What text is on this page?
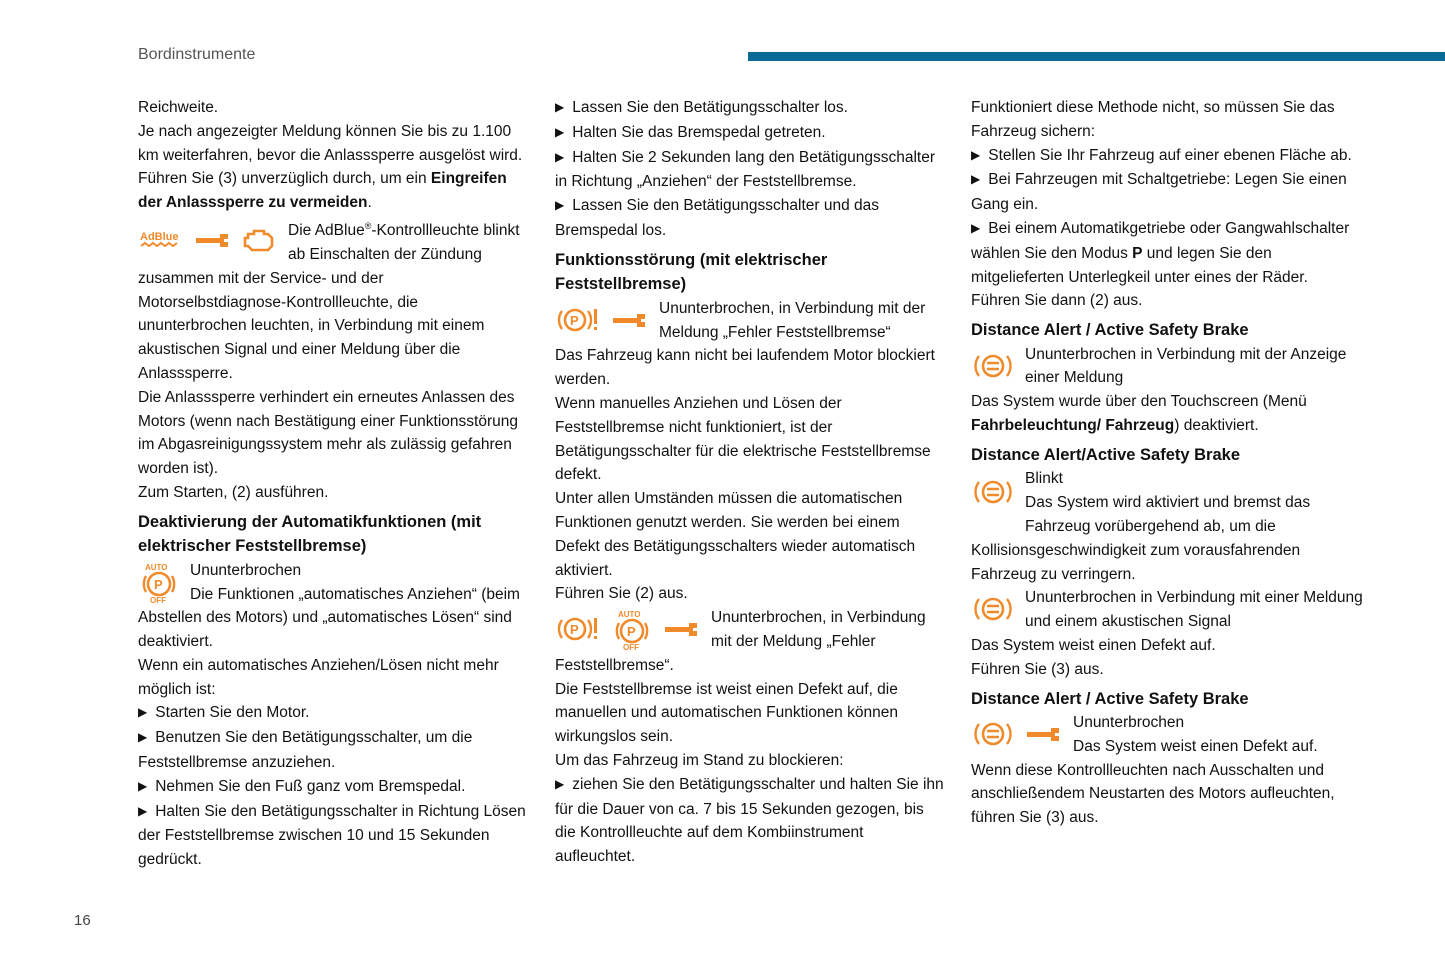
Bordinstrumente

Reichweite.

Je nach angezeigter Meldung können Sie bis zu 1.100 km weiterfahren, bevor die Anlasssperre ausgelöst wird.

Führen Sie (3) unverzüglich durch, um ein Eingreifen der Anlasssperre zu vermeiden.

AdBlue	Die AdBlue®-Kontrollleuchte blinkt ab Einschalten der Zündung zusammen mit der Service- und der Motorselbstdiagnose-Kontrollleuchte, die ununterbrochen leuchten, in Verbindung mit einem akustischen Signal und einer Meldung über die Anlasssperre.

Die Anlasssperre verhindert ein erneutes Anlassen des Motors (wenn nach Bestätigung einer Funktionsstörung im Abgasreinigungssystem mehr als zulässig gefahren worden ist).

Zum Starten, (2) ausführen.

Deaktivierung der Automatikfunktionen (mit elektrischer Feststellbremse)

AUTO
P
OFF

Ununterbrochen

Die Funktionen „automatisches Anziehen“ (beim Abstellen des Motors) und „automatisches Lösen“ sind deaktiviert.

Wenn ein automatisches Anziehen/Lösen nicht mehr möglich ist:

▶ Starten Sie den Motor.

▶ Benutzen Sie den Betätigungsschalter, um die Feststellbremse anzuziehen.

▶ Nehmen Sie den Fuß ganz vom Bremspedal.

▶ Halten Sie den Betätigungsschalter in Richtung Lösen der Feststellbremse zwischen 10 und 15 Sekunden gedrückt.

▶ Lassen Sie den Betätigungsschalter los.

▶ Halten Sie das Bremspedal getreten.

▶ Halten Sie 2 Sekunden lang den Betätigungsschalter in Richtung „Anziehen“ der Feststellbremse.

▶ Lassen Sie den Betätigungsschalter und das Bremspedal los.

Funktionsstörung (mit elektrischer Feststellbremse)

P

Ununterbrochen, in Verbindung mit der Meldung „Fehler Feststellbremse“

Das Fahrzeug kann nicht bei laufendem Motor blockiert werden.

Wenn manuelles Anziehen und Lösen der Feststellbremse nicht funktioniert, ist der Betätigungsschalter für die elektrische Feststellbremse defekt.

Unter allen Umständen müssen die automatischen Funktionen genutzt werden. Sie werden bei einem Defekt des Betätigungsschalters wieder automatisch aktiviert.

Führen Sie (2) aus.

P
AUTO
P
OFF

Ununterbrochen, in Verbindung mit der Meldung „Fehler Feststellbremse“.

Die Feststellbremse ist weist einen Defekt auf, die manuellen und automatischen Funktionen können wirkungslos sein.

Um das Fahrzeug im Stand zu blockieren:

▶ ziehen Sie den Betätigungsschalter und halten Sie ihn für die Dauer von ca. 7 bis 15 Sekunden gezogen, bis die Kontrollleuchte auf dem Kombiinstrument aufleuchtet.

Funktioniert diese Methode nicht, so müssen Sie das Fahrzeug sichern:

▶ Stellen Sie Ihr Fahrzeug auf einer ebenen Fläche ab.

▶ Bei Fahrzeugen mit Schaltgetriebe: Legen Sie einen Gang ein.

▶ Bei einem Automatikgetriebe oder Gangwahlschalter wählen Sie den Modus P und legen Sie den mitgelieferten Unterlegkeil unter eines der Räder.

Führen Sie dann (2) aus.

Distance Alert / Active Safety Brake

Ununterbrochen in Verbindung mit der Anzeige einer Meldung

Das System wurde über den Touchscreen (Menü Fahrbeleuchtung/ Fahrzeug) deaktiviert.

Distance Alert/Active Safety Brake

Blinkt

Das System wird aktiviert und bremst das Fahrzeug vorübergehend ab, um die Kollisionsgeschwindigkeit zum vorausfahrenden Fahrzeug zu verringern.

Ununterbrochen in Verbindung mit einer Meldung und einem akustischen Signal

Das System weist einen Defekt auf.

Führen Sie (3) aus.

Distance Alert / Active Safety Brake

Ununterbrochen

Das System weist einen Defekt auf.

Wenn diese Kontrollleuchten nach Ausschalten und anschließendem Neustarten des Motors aufleuchten, führen Sie (3) aus.

16
